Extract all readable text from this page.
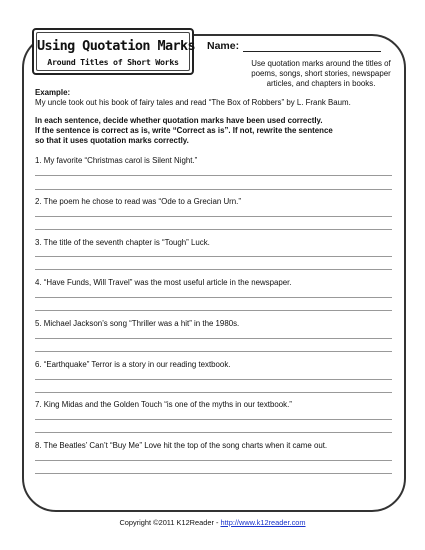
Using Quotation Marks
Around Titles of Short Works
Name:
Use quotation marks around the titles of
poems, songs, short stories, newspaper articles, and chapters in books.
Example:
My uncle took out his book of fairy tales and read “The Box of Robbers” by L. Frank Baum.
In each sentence, decide whether quotation marks have been used correctly.
If the sentence is correct as is, write “Correct as is”. If not, rewrite the sentence
so that it uses quotation marks correctly.
1. My favorite “Christmas carol is Silent Night.”
2. The poem he chose to read was “Ode to a Grecian Urn.”
3. The title of the seventh chapter is “Tough” Luck.
4. “Have Funds, Will Travel” was the most useful article in the newspaper.
5. Michael Jackson’s song “Thriller was a hit” in the 1980s.
6. “Earthquake” Terror is a story in our reading textbook.
7. King Midas and the Golden Touch “is one of the myths in our textbook.”
8. The Beatles’ Can’t “Buy Me” Love hit the top of the song charts when it came out.
Copyright ©2011 K12Reader - http://www.k12reader.com
